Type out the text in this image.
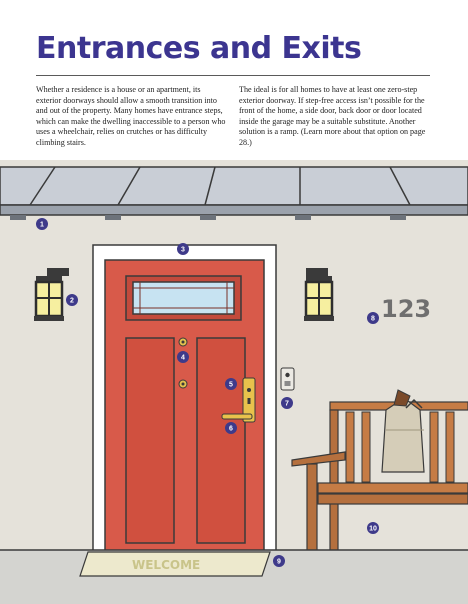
Entrances and Exits

Whether a residence is a house or an apartment, its exterior doorways should allow a smooth transition into and out of the property. Many homes have entrance steps, which can make the dwelling inaccessible to a person who uses a wheelchair, relies on crutches or has difficulty climbing stairs.

The ideal is for all homes to have at least one zero-step exterior doorway. If step-free access isn’t possible for the front of the home, a side door, back door or door located inside the garage may be a suitable substitute. Another solution is a ramp. (Learn more about that option on page 28.)

123
WELCOME
1
2
3
4
5
6
7
8
9
10
